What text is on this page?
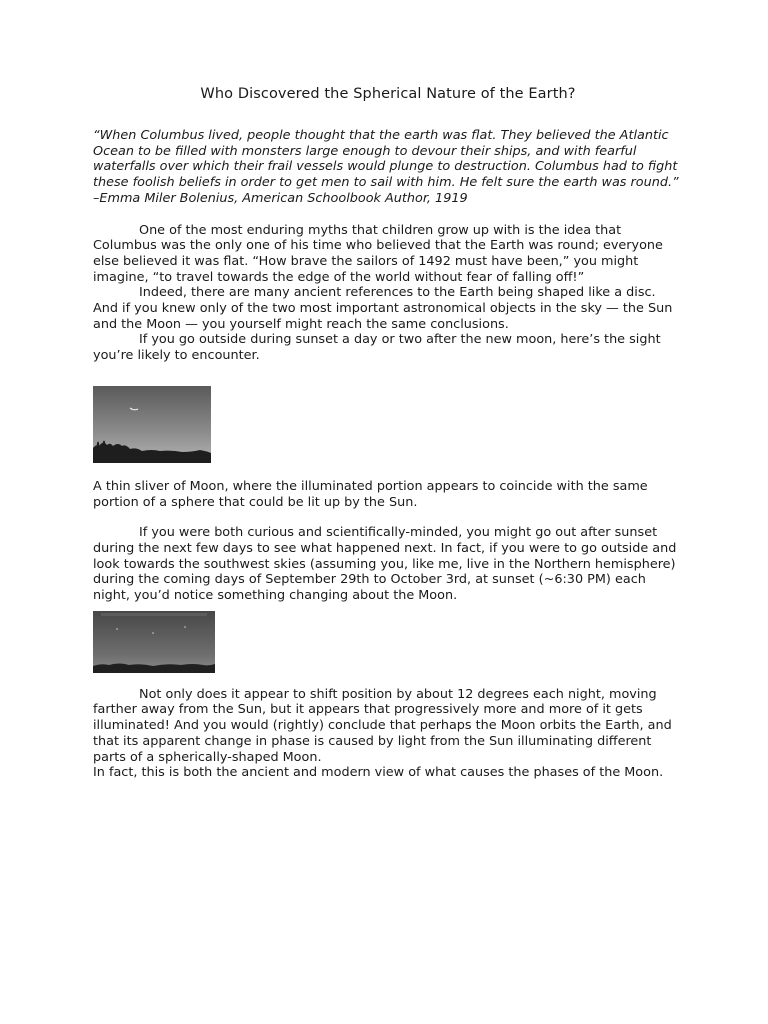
Who Discovered the Spherical Nature of the Earth?

“When Columbus lived, people thought that the earth was flat. They believed the Atlantic Ocean to be filled with monsters large enough to devour their ships, and with fearful waterfalls over which their frail vessels would plunge to destruction. Columbus had to fight these foolish beliefs in order to get men to sail with him. He felt sure the earth was round.”
–Emma Miler Bolenius, American Schoolbook Author, 1919

One of the most enduring myths that children grow up with is the idea that Columbus was the only one of his time who believed that the Earth was round; everyone else believed it was flat. “How brave the sailors of 1492 must have been,” you might imagine, “to travel towards the edge of the world without fear of falling off!”

Indeed, there are many ancient references to the Earth being shaped like a disc. And if you knew only of the two most important astronomical objects in the sky — the Sun and the Moon — you yourself might reach the same conclusions.

If you go outside during sunset a day or two after the new moon, here’s the sight you’re likely to encounter.

A thin sliver of Moon, where the illuminated portion appears to coincide with the same portion of a sphere that could be lit up by the Sun.

If you were both curious and scientifically-minded, you might go out after sunset during the next few days to see what happened next. In fact, if you were to go outside and look towards the southwest skies (assuming you, like me, live in the Northern hemisphere) during the coming days of September 29th to October 3rd, at sunset (~6:30 PM) each night, you’d notice something changing about the Moon.

Not only does it appear to shift position by about 12 degrees each night, moving farther away from the Sun, but it appears that progressively more and more of it gets illuminated! And you would (rightly) conclude that perhaps the Moon orbits the Earth, and that its apparent change in phase is caused by light from the Sun illuminating different parts of a spherically-shaped Moon.

In fact, this is both the ancient and modern view of what causes the phases of the Moon.
